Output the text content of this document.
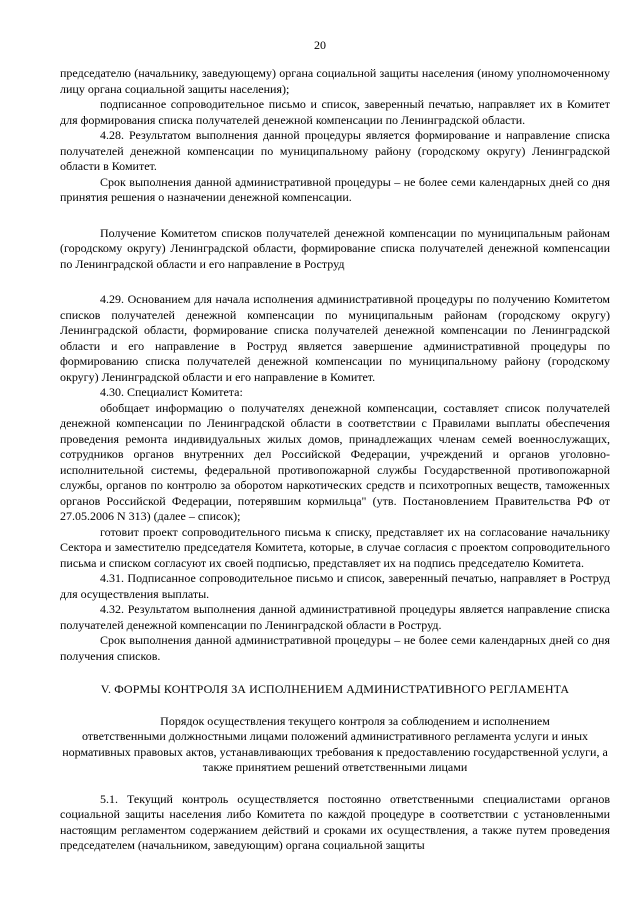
20

председателю (начальнику, заведующему) органа социальной защиты населения (иному уполномоченному лицу органа социальной защиты населения);

подписанное сопроводительное письмо и список, заверенный печатью, направляет их в Комитет для формирования списка получателей денежной компенсации по Ленинградской области.

4.28. Результатом выполнения данной процедуры является формирование и направление списка получателей денежной компенсации по муниципальному району (городскому округу) Ленинградской области в Комитет.

Срок выполнения данной административной процедуры – не более семи календарных дней со дня принятия решения о назначении денежной компенсации.

Получение Комитетом списков получателей денежной компенсации по муниципальным районам (городскому округу) Ленинградской области, формирование списка получателей денежной компенсации по Ленинградской области и его направление в Роструд

4.29. Основанием для начала исполнения административной процедуры по получению Комитетом списков получателей денежной компенсации по муниципальным районам (городскому округу) Ленинградской области, формирование списка получателей денежной компенсации по Ленинградской области и его направление в Роструд является завершение административной процедуры по формированию списка получателей денежной компенсации по муниципальному району (городскому округу) Ленинградской области и его направление в Комитет.

4.30. Специалист Комитета:

обобщает информацию о получателях денежной компенсации, составляет список получателей денежной компенсации по Ленинградской области в соответствии с Правилами выплаты обеспечения проведения ремонта индивидуальных жилых домов, принадлежащих членам семей военнослужащих, сотрудников органов внутренних дел Российской Федерации, учреждений и органов уголовно-исполнительной системы, федеральной противопожарной службы Государственной противопожарной службы, органов по контролю за оборотом наркотических средств и психотропных веществ, таможенных органов Российской Федерации, потерявшим кормильца" (утв. Постановлением Правительства РФ от 27.05.2006 N 313) (далее – список);

готовит проект сопроводительного письма к списку, представляет их на согласование начальнику Сектора и заместителю председателя Комитета, которые, в случае согласия с проектом сопроводительного письма и списком согласуют их своей подписью, представляет их на подпись председателю Комитета.

4.31. Подписанное сопроводительное письмо и список, заверенный печатью, направляет в Роструд для осуществления выплаты.

4.32. Результатом выполнения данной административной процедуры является направление списка получателей денежной компенсации по Ленинградской области в Роструд.

Срок выполнения данной административной процедуры – не более семи календарных дней со дня получения списков.

V. ФОРМЫ КОНТРОЛЯ ЗА ИСПОЛНЕНИЕМ АДМИНИСТРАТИВНОГО РЕГЛАМЕНТА

Порядок осуществления текущего контроля за соблюдением и исполнением
ответственными должностными лицами положений административного регламента услуги и иных нормативных правовых актов, устанавливающих требования к предоставлению государственной услуги, а также принятием решений ответственными лицами

5.1. Текущий контроль осуществляется постоянно ответственными специалистами органов социальной защиты населения либо Комитета по каждой процедуре в соответствии с установленными настоящим регламентом содержанием действий и сроками их осуществления, а также путем проведения председателем (начальником, заведующим) органа социальной защиты
